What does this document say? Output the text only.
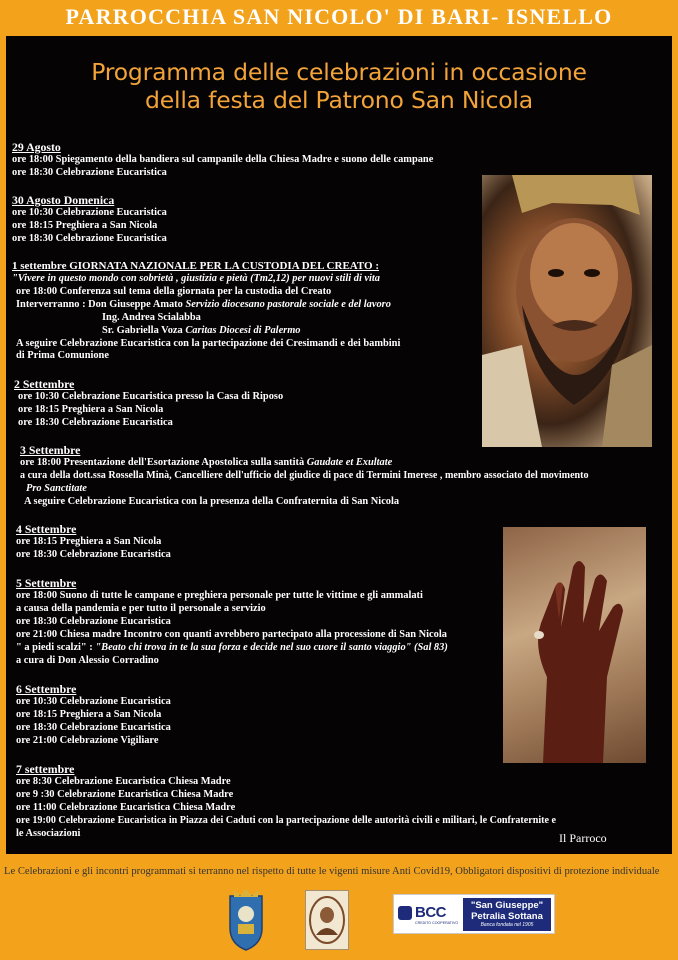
PARROCCHIA SAN NICOLO' DI BARI- ISNELLO
Programma delle celebrazioni in occasione
della festa del Patrono San Nicola
29 Agosto
ore 18:00 Spiegamento della bandiera sul campanile della Chiesa Madre e suono delle campane
ore 18:30 Celebrazione Eucaristica
30 Agosto Domenica
ore 10:30 Celebrazione Eucaristica
ore 18:15 Preghiera a San Nicola
ore 18:30 Celebrazione Eucaristica
1 settembre GIORNATA NAZIONALE PER LA CUSTODIA DEL CREATO :
"Vivere in questo mondo con sobrietà , giustizia e pietà (Tm2,12) per nuovi stili di vita
ore 18:00 Conferenza sul tema della giornata per la custodia del Creato
Interverranno : Don Giuseppe Amato Servizio diocesano pastorale sociale e del lavoro
Ing. Andrea Scialabba
Sr. Gabriella Voza Caritas Diocesi di Palermo
A seguire Celebrazione Eucaristica con la partecipazione dei Cresimandi e dei bambini
di Prima Comunione
2 Settembre
ore 10:30 Celebrazione Eucaristica presso la Casa di Riposo
ore 18:15 Preghiera a San Nicola
ore 18:30 Celebrazione Eucaristica
3 Settembre
ore 18:00 Presentazione dell'Esortazione Apostolica sulla santità Gaudate et Exultate
a cura della dott.ssa Rossella Minà, Cancelliere dell'ufficio del giudice di pace di Termini Imerese , membro associato del movimento
Pro Sanctitate
A seguire Celebrazione Eucaristica con la presenza della Confraternita di San Nicola
4 Settembre
ore 18:15 Preghiera a San Nicola
ore 18:30 Celebrazione Eucaristica
5 Settembre
ore 18:00 Suono di tutte le campane e preghiera personale per tutte le vittime e gli ammalati
a causa della pandemia e per tutto il personale a servizio
ore 18:30 Celebrazione Eucaristica
ore 21:00 Chiesa madre Incontro con quanti avrebbero partecipato alla processione di San Nicola
" a piedi scalzi" : "Beato chi trova in te la sua forza e decide nel suo cuore il santo viaggio" (Sal 83)
a cura di Don Alessio Corradino
6 Settembre
ore 10:30 Celebrazione Eucaristica
ore 18:15 Preghiera a San Nicola
ore 18:30 Celebrazione Eucaristica
ore 21:00 Celebrazione Vigiliare
7 settembre
ore 8:30 Celebrazione Eucaristica Chiesa Madre
ore 9 :30 Celebrazione Eucaristica Chiesa Madre
ore 11:00 Celebrazione Eucaristica Chiesa Madre
ore 19:00 Celebrazione Eucaristica in Piazza dei Caduti con la partecipazione delle autorità civili e militari, le Confraternite e
le Associazioni	Il Parroco
Le Celebrazioni e gli incontri programmati si terranno nel rispetto di tutte le vigenti misure Anti Covid19, Obbligatori dispositivi di protezione individuale
BCC
CREDITO COOPERATIVO
"San Giuseppe"
Petralia Sottana
Banca fondata nel 1905
